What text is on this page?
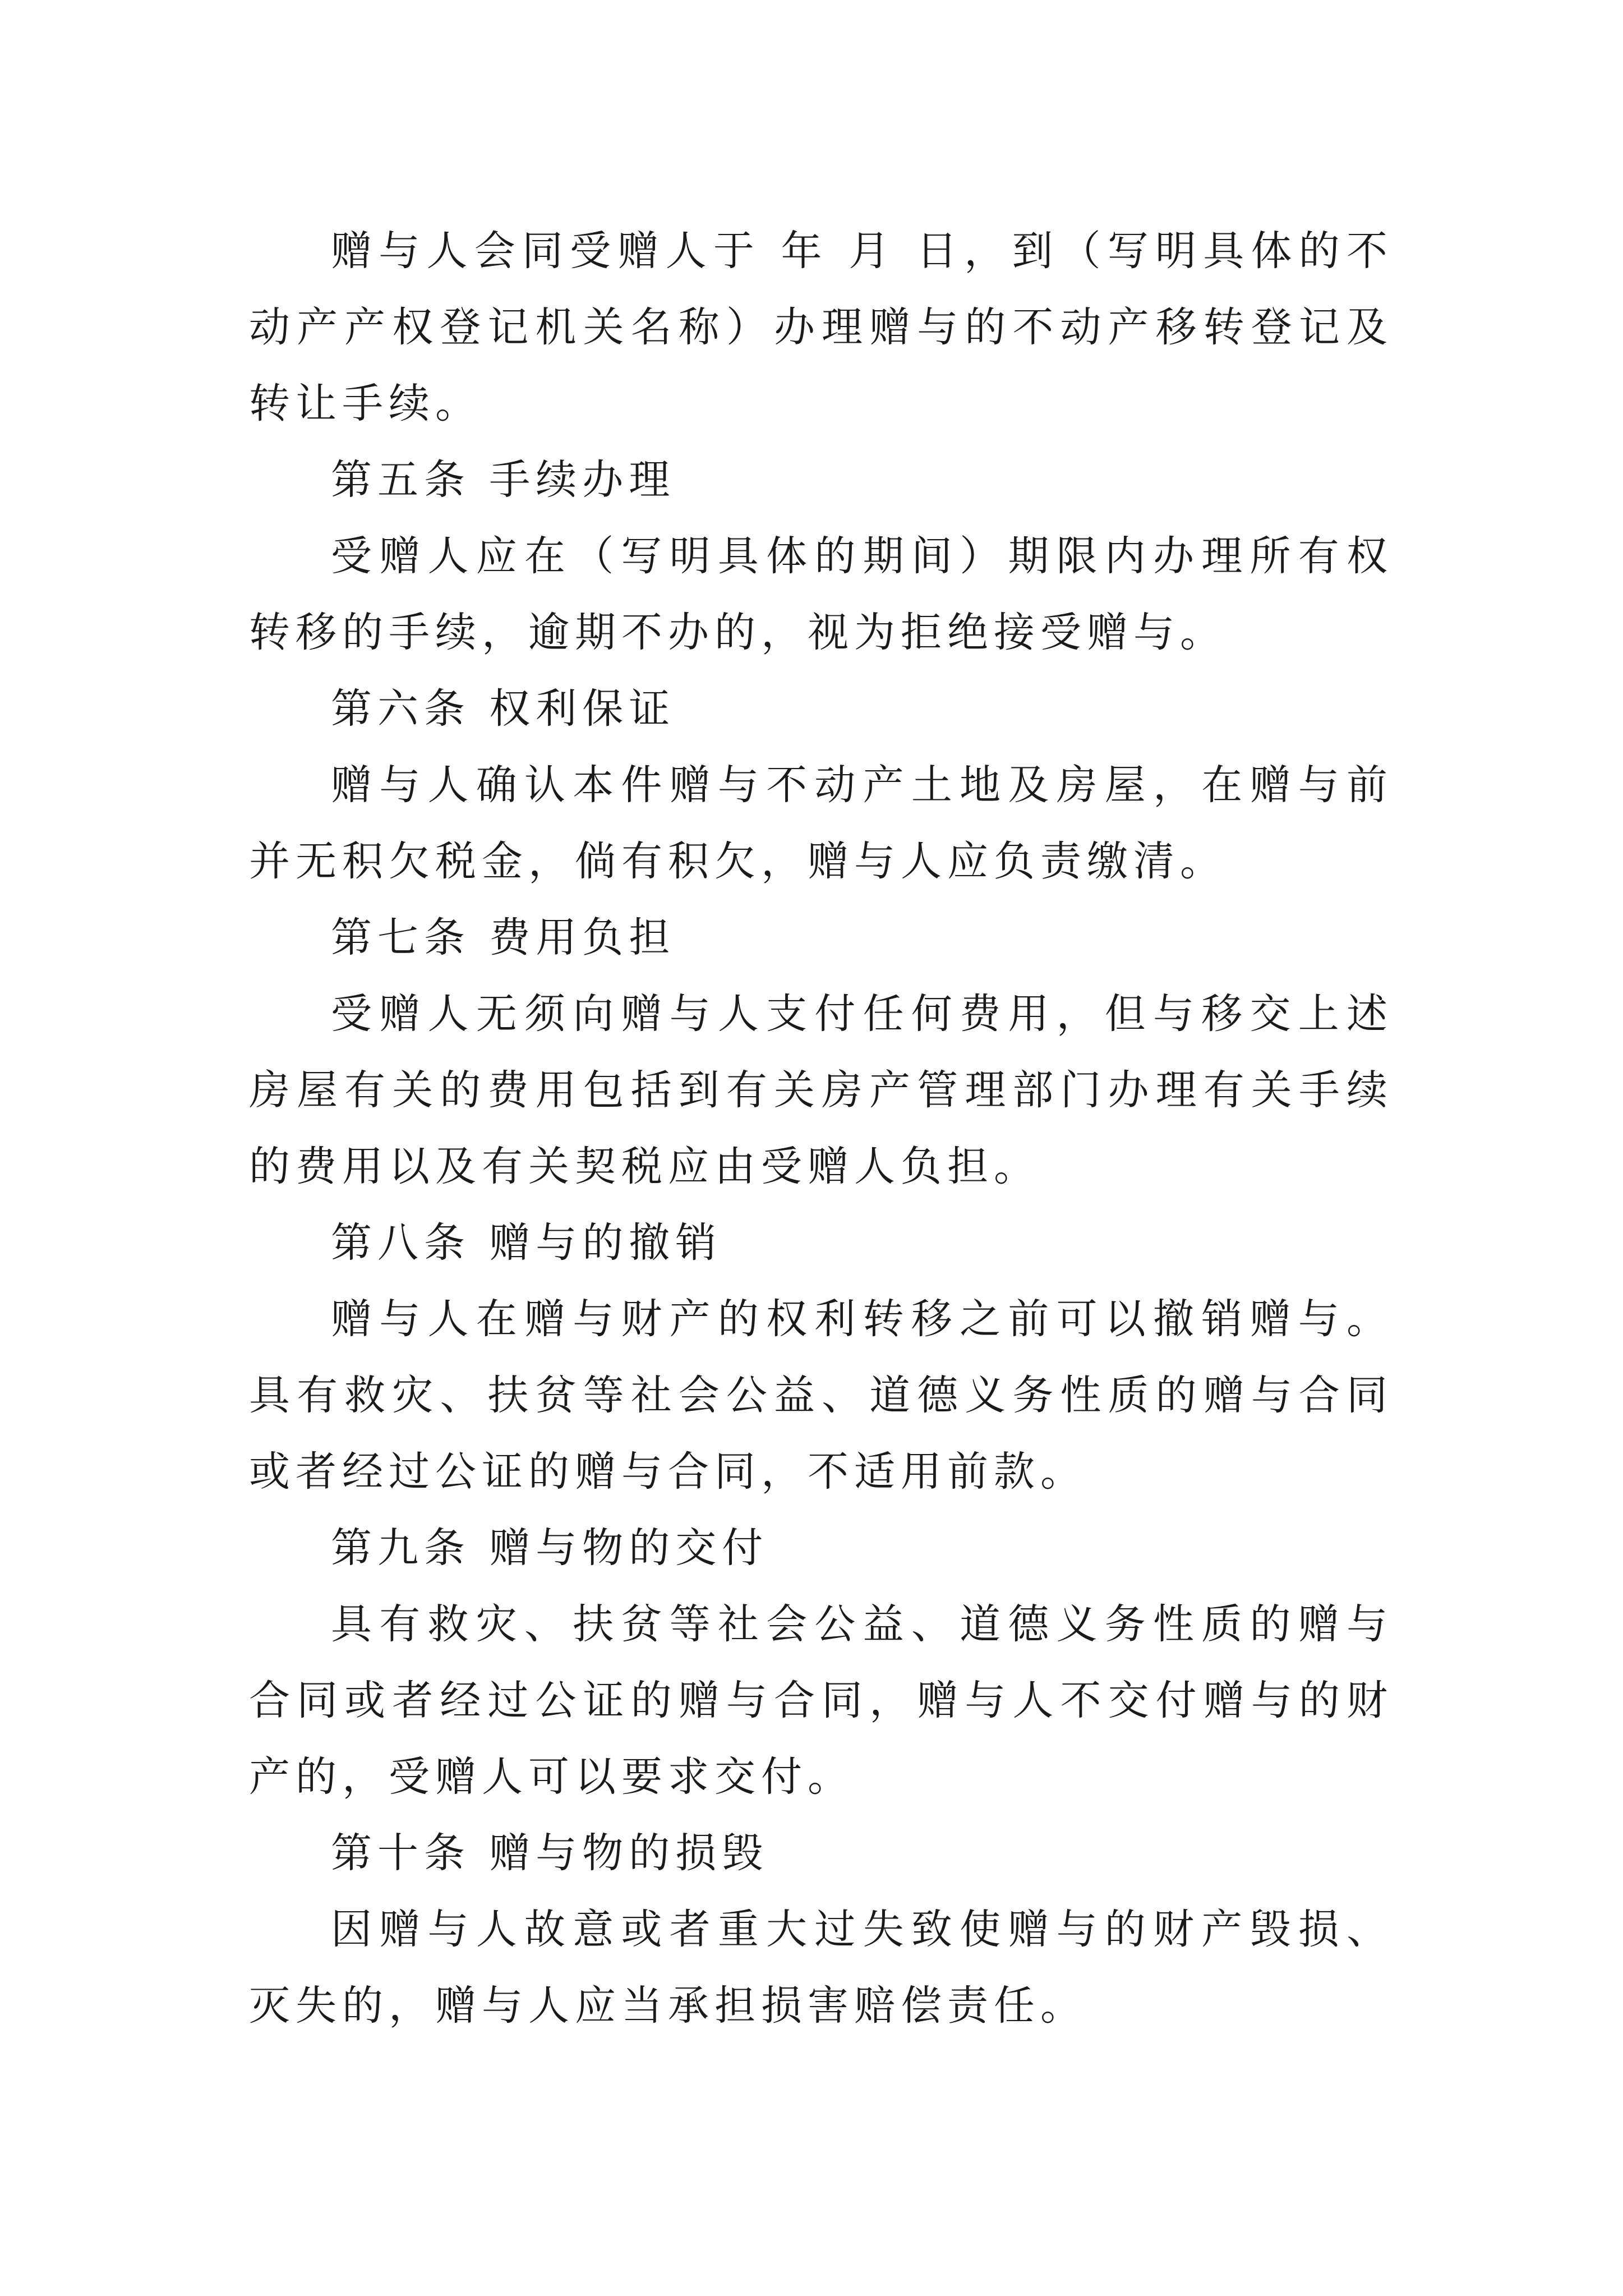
赠与人会同受赠人于 年 月 日，到（写明具体的不动产产权登记机关名称）办理赠与的不动产移转登记及转让手续。

第五条 手续办理

受赠人应在（写明具体的期间）期限内办理所有权转移的手续，逾期不办的，视为拒绝接受赠与。

第六条 权利保证

赠与人确认本件赠与不动产土地及房屋，在赠与前并无积欠税金，倘有积欠，赠与人应负责缴清。

第七条 费用负担

受赠人无须向赠与人支付任何费用，但与移交上述房屋有关的费用包括到有关房产管理部门办理有关手续的费用以及有关契税应由受赠人负担。

第八条 赠与的撤销

赠与人在赠与财产的权利转移之前可以撤销赠与。具有救灾、扶贫等社会公益、道德义务性质的赠与合同或者经过公证的赠与合同，不适用前款。

第九条 赠与物的交付

具有救灾、扶贫等社会公益、道德义务性质的赠与合同或者经过公证的赠与合同，赠与人不交付赠与的财产的，受赠人可以要求交付。

第十条 赠与物的损毁

因赠与人故意或者重大过失致使赠与的财产毁损、灭失的，赠与人应当承担损害赔偿责任。
